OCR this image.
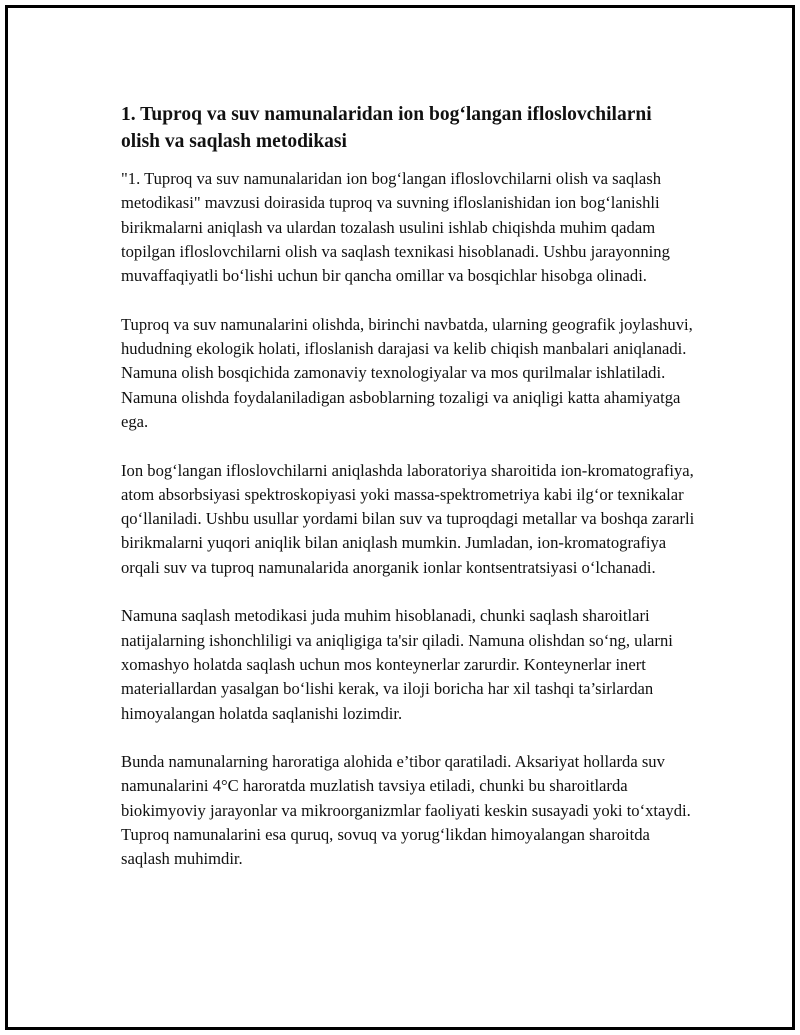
1. Tuproq va suv namunalaridan ion bog‘langan ifloslovchilarni olish va saqlash metodikasi

"1. Tuproq va suv namunalaridan ion bog‘langan ifloslovchilarni olish va saqlash metodikasi" mavzusi doirasida tuproq va suvning ifloslanishidan ion bog‘lanishli birikmalarni aniqlash va ulardan tozalash usulini ishlab chiqishda muhim qadam topilgan ifloslovchilarni olish va saqlash texnikasi hisoblanadi. Ushbu jarayonning muvaffaqiyatli bo‘lishi uchun bir qancha omillar va bosqichlar hisobga olinadi.

Tuproq va suv namunalarini olishda, birinchi navbatda, ularning geografik joylashuvi, hududning ekologik holati, ifloslanish darajasi va kelib chiqish manbalari aniqlanadi. Namuna olish bosqichida zamonaviy texnologiyalar va mos qurilmalar ishlatiladi. Namuna olishda foydalaniladigan asboblarning tozaligi va aniqligi katta ahamiyatga ega.

Ion bog‘langan ifloslovchilarni aniqlashda laboratoriya sharoitida ion-kromatografiya, atom absorbsiyasi spektroskopiyasi yoki massa-spektrometriya kabi ilg‘or texnikalar qo‘llaniladi. Ushbu usullar yordami bilan suv va tuproqdagi metallar va boshqa zararli birikmalarni yuqori aniqlik bilan aniqlash mumkin. Jumladan, ion-kromatografiya orqali suv va tuproq namunalarida anorganik ionlar kontsentratsiyasi o‘lchanadi.

Namuna saqlash metodikasi juda muhim hisoblanadi, chunki saqlash sharoitlari natijalarning ishonchliligi va aniqligiga ta'sir qiladi. Namuna olishdan so‘ng, ularni xomashyo holatda saqlash uchun mos konteynerlar zarurdir. Konteynerlar inert materiallardan yasalgan bo‘lishi kerak, va iloji boricha har xil tashqi ta’sirlardan himoyalangan holatda saqlanishi lozimdir.

Bunda namunalarning haroratiga alohida e’tibor qaratiladi. Aksariyat hollarda suv namunalarini 4°C haroratda muzlatish tavsiya etiladi, chunki bu sharoitlarda biokimyoviy jarayonlar va mikroorganizmlar faoliyati keskin susayadi yoki to‘xtaydi. Tuproq namunalarini esa quruq, sovuq va yorug‘likdan himoyalangan sharoitda saqlash muhimdir.
